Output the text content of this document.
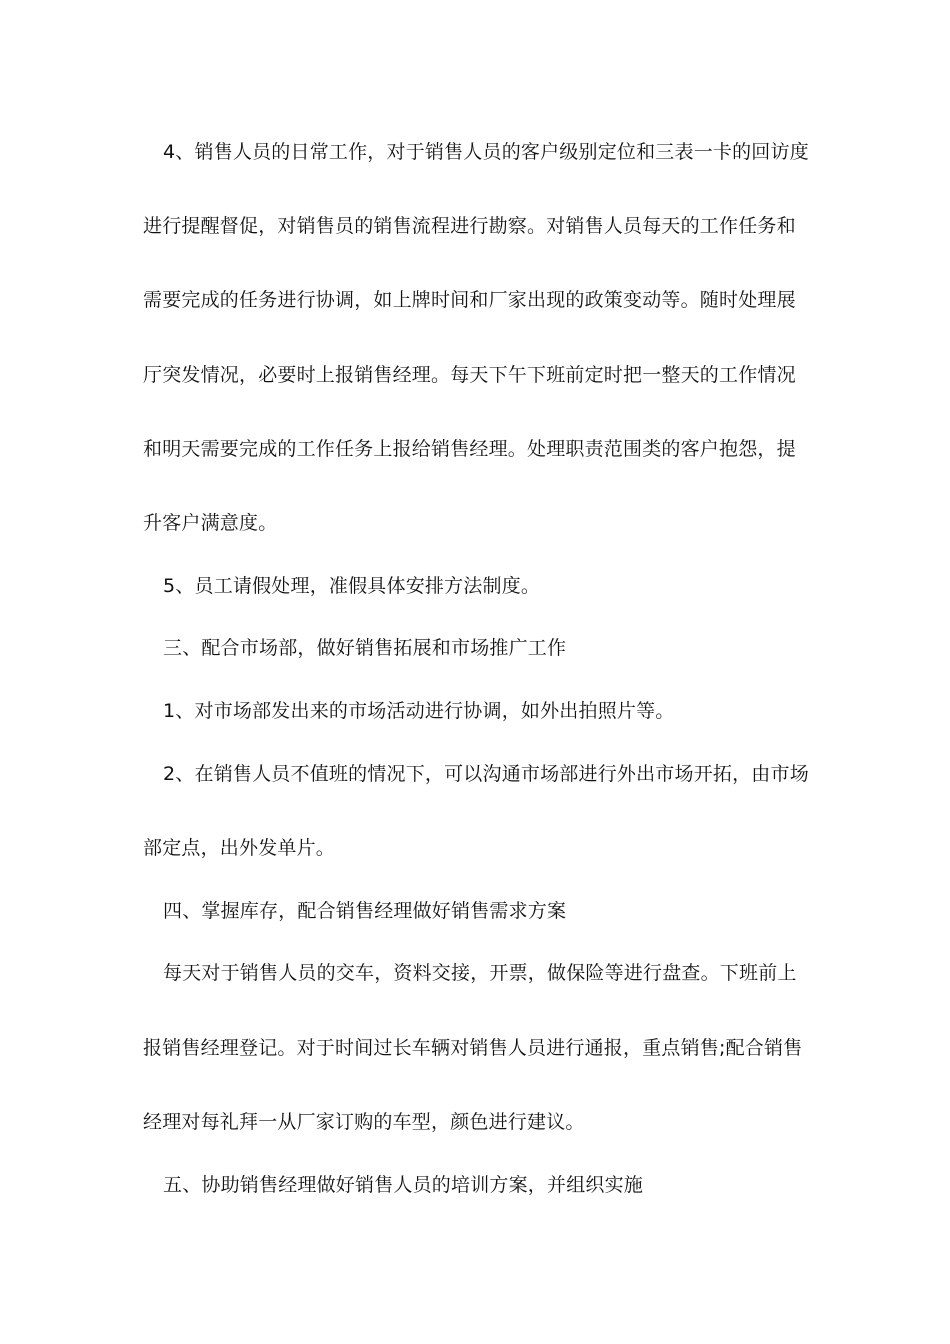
4、销售人员的日常工作，对于销售人员的客户级别定位和三表一卡的回访度
进行提醒督促，对销售员的销售流程进行勘察。对销售人员每天的工作任务和
需要完成的任务进行协调，如上牌时间和厂家出现的政策变动等。随时处理展
厅突发情况，必要时上报销售经理。每天下午下班前定时把一整天的工作情况
和明天需要完成的工作任务上报给销售经理。处理职责范围类的客户抱怨，提
升客户满意度。
5、员工请假处理，准假具体安排方法制度。
三、配合市场部，做好销售拓展和市场推广工作
1、对市场部发出来的市场活动进行协调，如外出拍照片等。
2、在销售人员不值班的情况下，可以沟通市场部进行外出市场开拓，由市场
部定点，出外发单片。
四、掌握库存，配合销售经理做好销售需求方案
每天对于销售人员的交车，资料交接，开票，做保险等进行盘查。下班前上
报销售经理登记。对于时间过长车辆对销售人员进行通报，重点销售;配合销售
经理对每礼拜一从厂家订购的车型，颜色进行建议。
五、协助销售经理做好销售人员的培训方案，并组织实施
